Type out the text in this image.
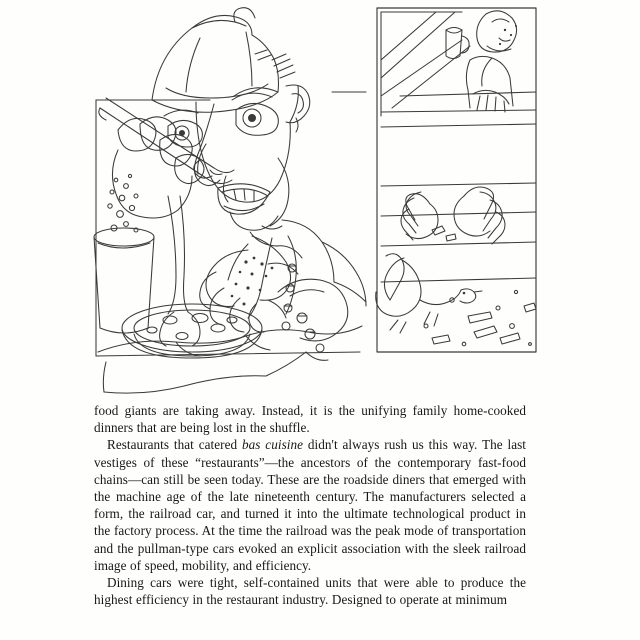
food giants are taking away. Instead, it is the unifying family home-cooked dinners that are being lost in the shuffle.

Restaurants that catered bas cuisine didn't always rush us this way. The last vestiges of these “restaurants”—the ancestors of the contemporary fast-food chains—can still be seen today. These are the roadside diners that emerged with the machine age of the late nineteenth century. The manufacturers selected a form, the railroad car, and turned it into the ultimate technological product in the factory process. At the time the railroad was the peak mode of transportation and the pullman-type cars evoked an explicit association with the sleek railroad image of speed, mobility, and efficiency.

Dining cars were tight, self-contained units that were able to produce the highest efficiency in the restaurant industry. Designed to operate at minimum
